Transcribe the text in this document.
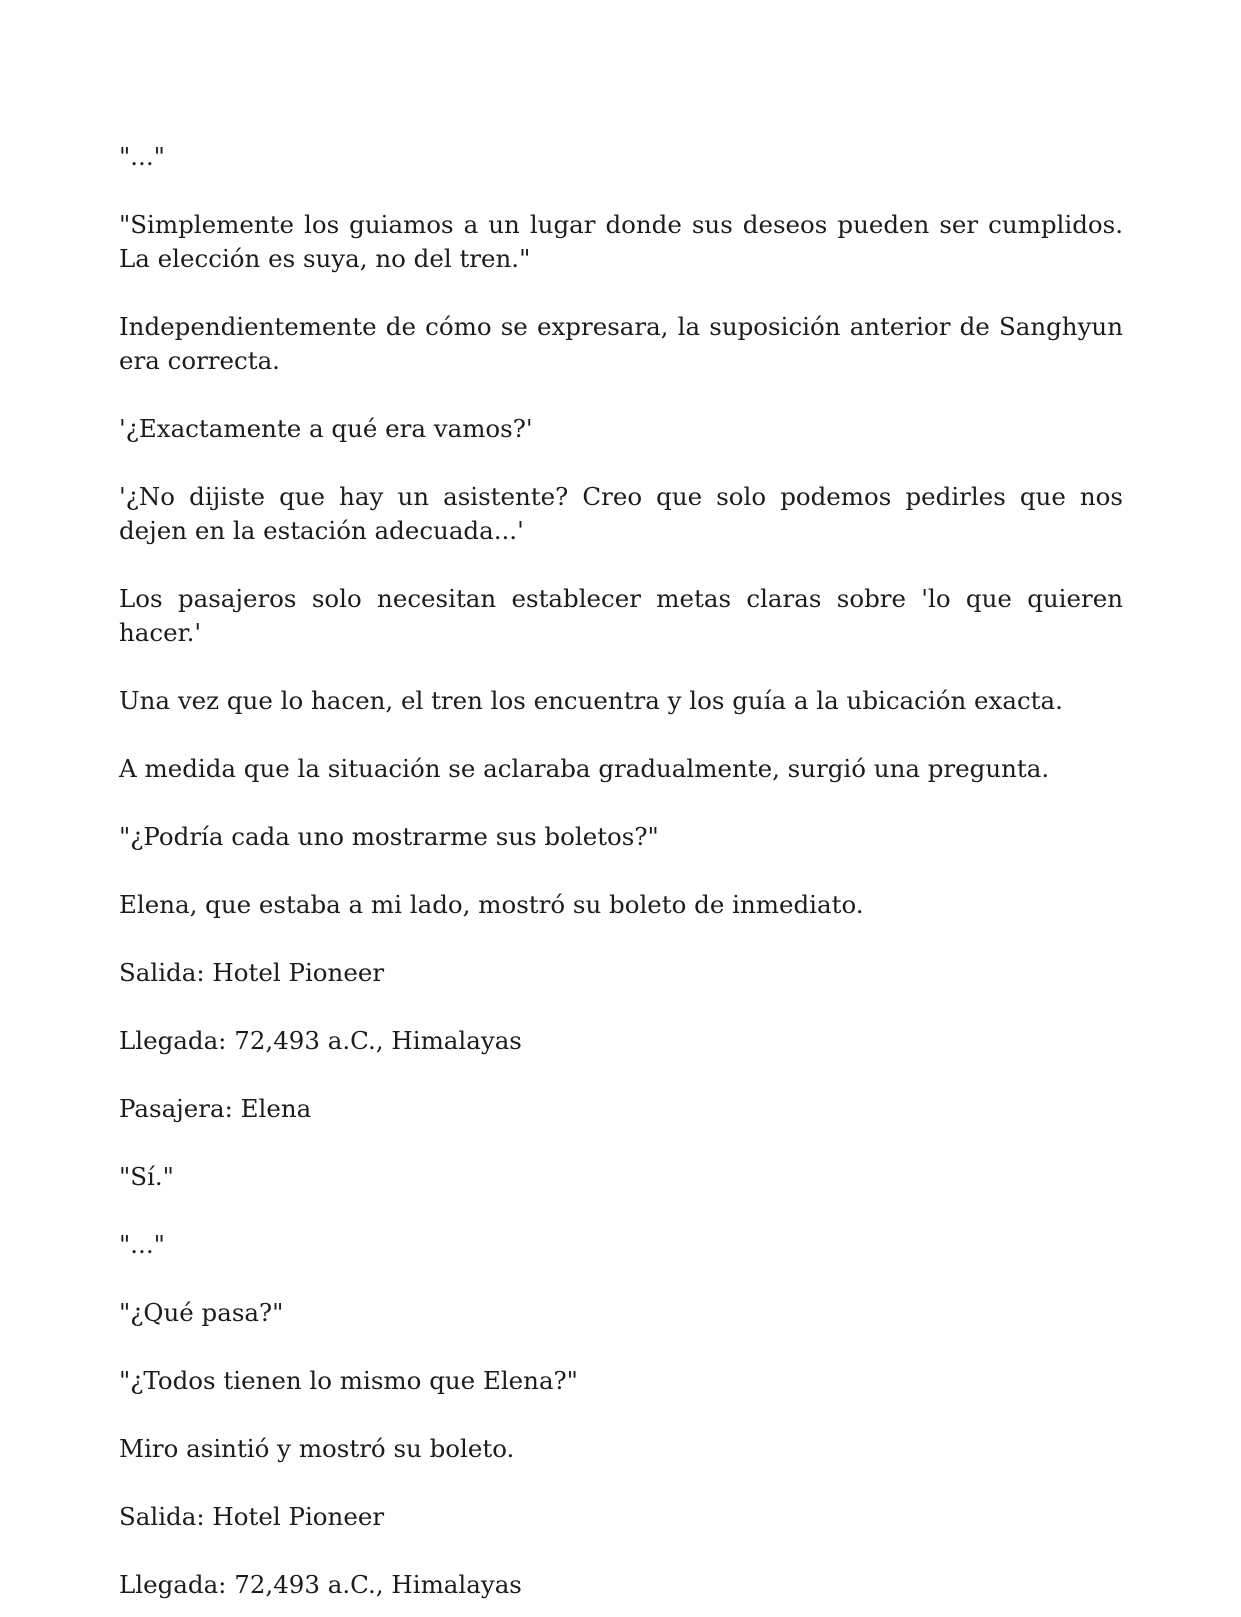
"..."

"Simplemente los guiamos a un lugar donde sus deseos pueden ser cumplidos. La elección es suya, no del tren."

Independientemente de cómo se expresara, la suposición anterior de Sanghyun era correcta.

'¿Exactamente a qué era vamos?'

'¿No dijiste que hay un asistente? Creo que solo podemos pedirles que nos dejen en la estación adecuada...'

Los pasajeros solo necesitan establecer metas claras sobre 'lo que quieren hacer.'

Una vez que lo hacen, el tren los encuentra y los guía a la ubicación exacta.

A medida que la situación se aclaraba gradualmente, surgió una pregunta.

"¿Podría cada uno mostrarme sus boletos?"

Elena, que estaba a mi lado, mostró su boleto de inmediato.

Salida: Hotel Pioneer

Llegada: 72,493 a.C., Himalayas

Pasajera: Elena

"Sí."

"..."

"¿Qué pasa?"

"¿Todos tienen lo mismo que Elena?"

Miro asintió y mostró su boleto.

Salida: Hotel Pioneer

Llegada: 72,493 a.C., Himalayas
